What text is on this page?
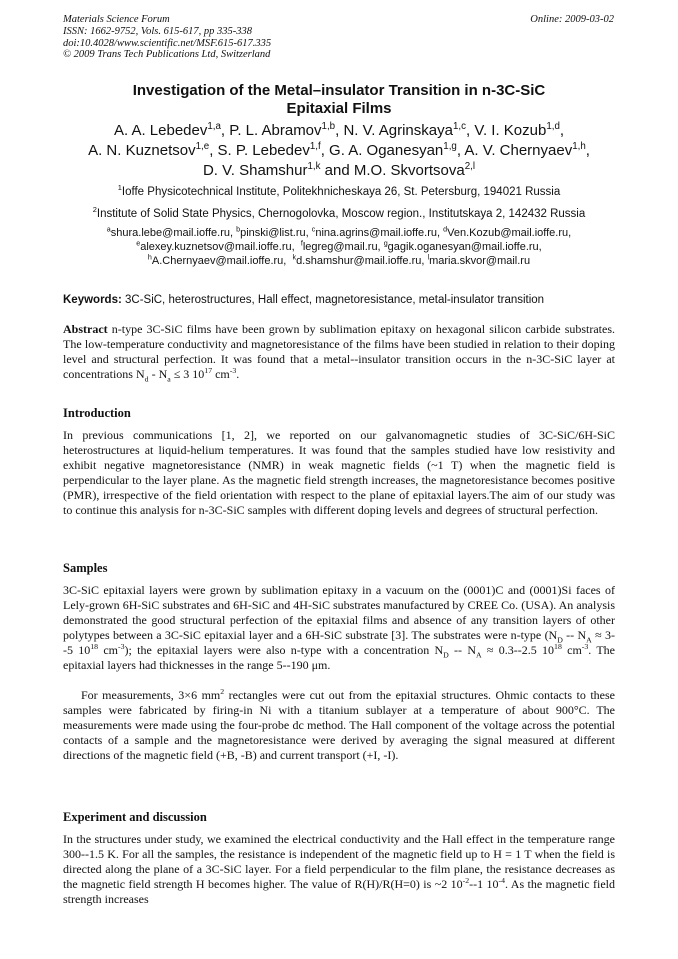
Materials Science Forum
ISSN: 1662-9752, Vols. 615-617, pp 335-338
doi:10.4028/www.scientific.net/MSF.615-617.335
© 2009 Trans Tech Publications Ltd, Switzerland
Online: 2009-03-02
Investigation of the Metal–insulator Transition in n-3C-SiC
Epitaxial Films
A. A. Lebedev$^{1,a}$, P. L. Abramov$^{1,b}$, N. V. Agrinskaya$^{1,c}$, V. I. Kozub$^{1,d}$,
A. N. Kuznetsov$^{1,e}$, S. P. Lebedev$^{1,f}$, G. A. Oganesyan$^{1,g}$, A. V. Chernyaev$^{1,h}$,
D. V. Shamshur$^{1,k}$ and M.O. Skvortsova$^{2,l}$
$^1$Ioffe Physicotechnical Institute, Politekhnicheskaya 26, St. Petersburg, 194021 Russia
$^2$Institute of Solid State Physics, Chernogolovka, Moscow region., Institutskaya 2, 142432 Russia
$^a$shura.lebe@mail.ioffe.ru, $^b$pinski@list.ru, $^c$nina.agrins@mail.ioffe.ru, $^d$Ven.Kozub@mail.ioffe.ru,
$^e$alexey.kuznetsov@mail.ioffe.ru, $^f$legreg@mail.ru, $^g$gagik.oganesyan@mail.ioffe.ru,
$^h$A.Chernyaev@mail.ioffe.ru, $^k$d.shamshur@mail.ioffe.ru, $^l$maria.skvor@mail.ru
Keywords: 3C-SiC, heterostructures, Hall effect, magnetoresistance, metal-insulator transition
Abstract n-type 3C-SiC films have been grown by sublimation epitaxy on hexagonal silicon carbide substrates. The low-temperature conductivity and magnetoresistance of the films have been studied in relation to their doping level and structural perfection. It was found that a metal--insulator transition occurs in the n-3C-SiC layer at concentrations $N_d - N_a \le 3$ $10^{17}$ $cm^{-3}$.
Introduction
In previous communications [1, 2], we reported on our galvanomagnetic studies of 3C-SiC/6H-SiC heterostructures at liquid-helium temperatures. It was found that the samples studied have low resistivity and exhibit negative magnetoresistance (NMR) in weak magnetic fields (~1 T) when the magnetic field is perpendicular to the layer plane. As the magnetic field strength increases, the magnetoresistance becomes positive (PMR), irrespective of the field orientation with respect to the plane of epitaxial layers.The aim of our study was to continue this analysis for n-3C-SiC samples with different doping levels and degrees of structural perfection.
Samples
3C-SiC epitaxial layers were grown by sublimation epitaxy in a vacuum on the (0001)C and (0001)Si faces of Lely-grown 6H-SiC substrates and 6H-SiC and 4H-SiC substrates manufactured by CREE Co. (USA). An analysis demonstrated the good structural perfection of the epitaxial films and absence of any transition layers of other polytypes between a 3C-SiC epitaxial layer and a 6H-SiC substrate [3]. The substrates were n-type ($N_D -- N_A \approx 3--5$ $10^{18}$ $cm^{-3}$); the epitaxial layers were also n-type with a concentration $N_D -- N_A \approx 0.3--2.5$ $10^{18}$ $cm^{-3}$. The epitaxial layers had thicknesses in the range 5--190 μm.
For measurements, 3×6 $mm^2$ rectangles were cut out from the epitaxial structures. Ohmic contacts to these samples were fabricated by firing-in Ni with a titanium sublayer at a temperature of about 900°C. The measurements were made using the four-probe dc method. The Hall component of the voltage across the potential contacts of a sample and the magnetoresistance were derived by averaging the signal measured at different directions of the magnetic field (+B, -B) and current transport (+I, -I).
Experiment and discussion
In the structures under study, we examined the electrical conductivity and the Hall effect in the temperature range 300--1.5 K. For all the samples, the resistance is independent of the magnetic field up to H = 1 T when the field is directed along the plane of a 3C-SiC layer. For a field perpendicular to the film plane, the resistance decreases as the magnetic field strength H becomes higher. The value of R(H)/R(H=0) is ~2 $10^{-2}--1$ $10^{-4}$. As the magnetic field strength increases
